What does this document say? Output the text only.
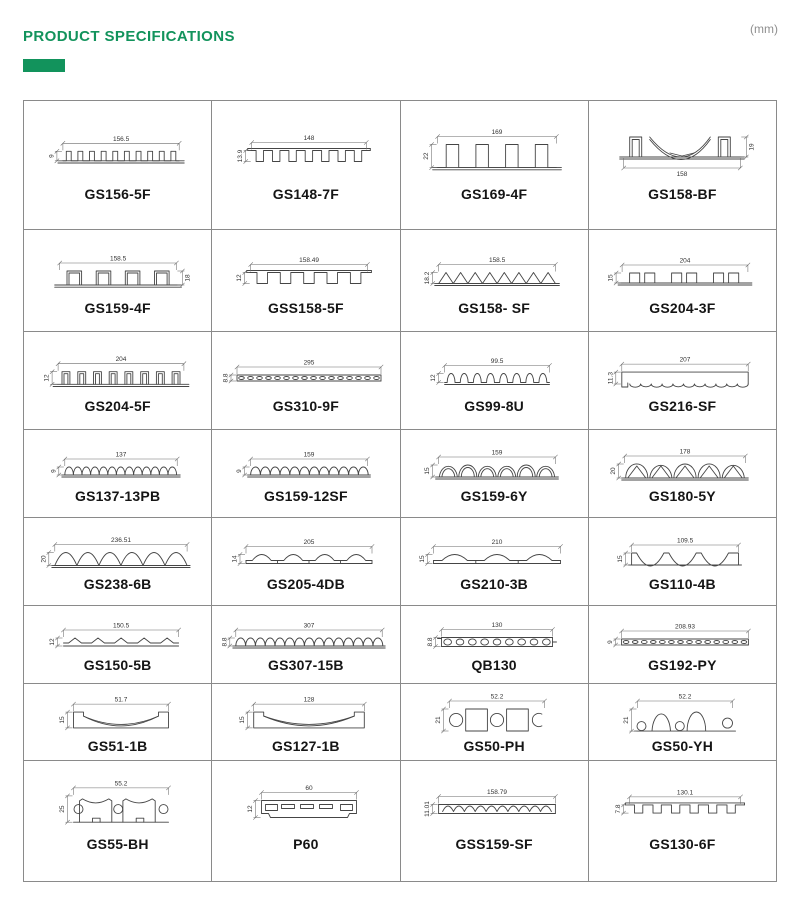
PRODUCT SPECIFICATIONS	(mm)
156.5
9
GS156-5F
148
13.9
GS148-7F
169
22
GS169-4F
158
19
GS158-BF
158.5
18
GS159-4F
158.49
12
GSS158-5F
158.5
18.2
GS158- SF
204
15
GS204-3F
204
12
GS204-5F
295
8.8
GS310-9F
99.5
12
GS99-8U
207
11.3
GS216-SF
137
9
GS137-13PB
159
9
GS159-12SF
159
15
GS159-6Y
178
20
GS180-5Y
236.51
20
GS238-6B
205
14
GS205-4DB
210
15
GS210-3B
109.5
15
GS110-4B
150.5
12
GS150-5B
307
8.8
GS307-15B
130
8.8
QB130
208.93
9
GS192-PY
51.7
15
GS51-1B
128
15
GS127-1B
52.2
21
GS50-PH
52.2
21
GS50-YH
55.2
25
GS55-BH
60
12
P60
158.79
11.01
GSS159-SF
130.1
7.8
GS130-6F
